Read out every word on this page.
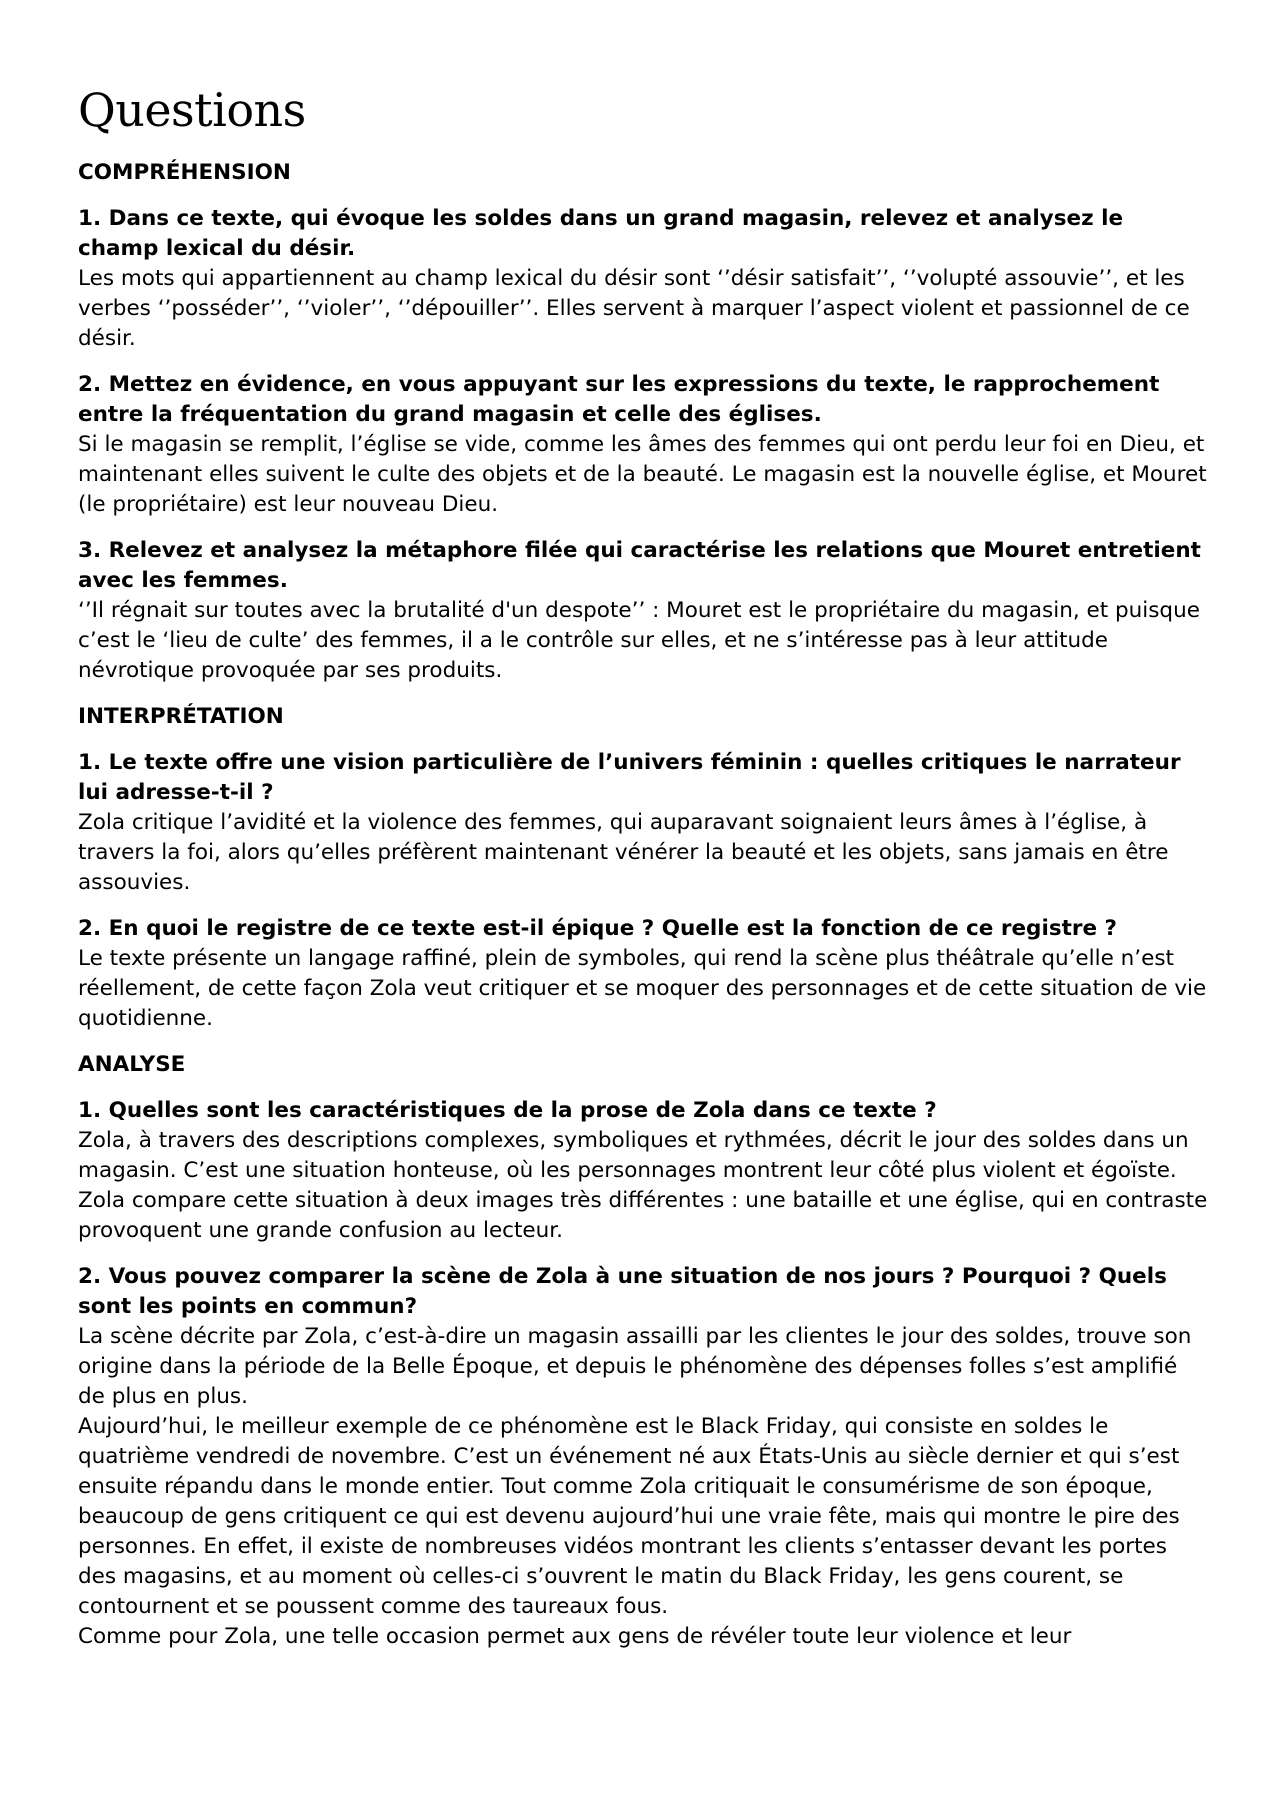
Questions
COMPRÉHENSION

1. Dans ce texte, qui évoque les soldes dans un grand magasin, relevez et analysez le champ lexical du désir.

Les mots qui appartiennent au champ lexical du désir sont ‘’désir satisfait’’, ‘’volupté assouvie’’, et les verbes ‘’posséder’’, ‘’violer’’, ‘’dépouiller’’. Elles servent à marquer l’aspect violent et passionnel de ce désir.

2. Mettez en évidence, en vous appuyant sur les expressions du texte, le rapprochement entre la fréquentation du grand magasin et celle des églises.

Si le magasin se remplit, l’église se vide, comme les âmes des femmes qui ont perdu leur foi en Dieu, et maintenant elles suivent le culte des objets et de la beauté. Le magasin est la nouvelle église, et Mouret (le propriétaire) est leur nouveau Dieu.

3. Relevez et analysez la métaphore filée qui caractérise les relations que Mouret entretient avec les femmes.

‘’Il régnait sur toutes avec la brutalité d'un despote’’ : Mouret est le propriétaire du magasin, et puisque c’est le ‘lieu de culte’ des femmes, il a le contrôle sur elles, et ne s’intéresse pas à leur attitude névrotique provoquée par ses produits.

INTERPRÉTATION

1. Le texte offre une vision particulière de l’univers féminin : quelles critiques le narrateur lui adresse-t-il ?

Zola critique l’avidité et la violence des femmes, qui auparavant soignaient leurs âmes à l’église, à travers la foi, alors qu’elles préfèrent maintenant vénérer la beauté et les objets, sans jamais en être assouvies.

2. En quoi le registre de ce texte est-il épique ? Quelle est la fonction de ce registre ?

Le texte présente un langage raffiné, plein de symboles, qui rend la scène plus théâtrale qu’elle n’est réellement, de cette façon Zola veut critiquer et se moquer des personnages et de cette situation de vie quotidienne.

ANALYSE

1. Quelles sont les caractéristiques de la prose de Zola dans ce texte ?

Zola, à travers des descriptions complexes, symboliques et rythmées, décrit le jour des soldes dans un magasin. C’est une situation honteuse, où les personnages montrent leur côté plus violent et égoïste. Zola compare cette situation à deux images très différentes : une bataille et une église, qui en contraste provoquent une grande confusion au lecteur.

2. Vous pouvez comparer la scène de Zola à une situation de nos jours ? Pourquoi ? Quels sont les points en commun?

La scène décrite par Zola, c’est-à-dire un magasin assailli par les clientes le jour des soldes, trouve son origine dans la période de la Belle Époque, et depuis le phénomène des dépenses folles s’est amplifié de plus en plus.

Aujourd’hui, le meilleur exemple de ce phénomène est le Black Friday, qui consiste en soldes le quatrième vendredi de novembre. C’est un événement né aux États-Unis au siècle dernier et qui s’est ensuite répandu dans le monde entier. Tout comme Zola critiquait le consumérisme de son époque, beaucoup de gens critiquent ce qui est devenu aujourd’hui une vraie fête, mais qui montre le pire des personnes. En effet, il existe de nombreuses vidéos montrant les clients s’entasser devant les portes des magasins, et au moment où celles-ci s’ouvrent le matin du Black Friday, les gens courent, se contournent et se poussent comme des taureaux fous.

Comme pour Zola, une telle occasion permet aux gens de révéler toute leur violence et leur
